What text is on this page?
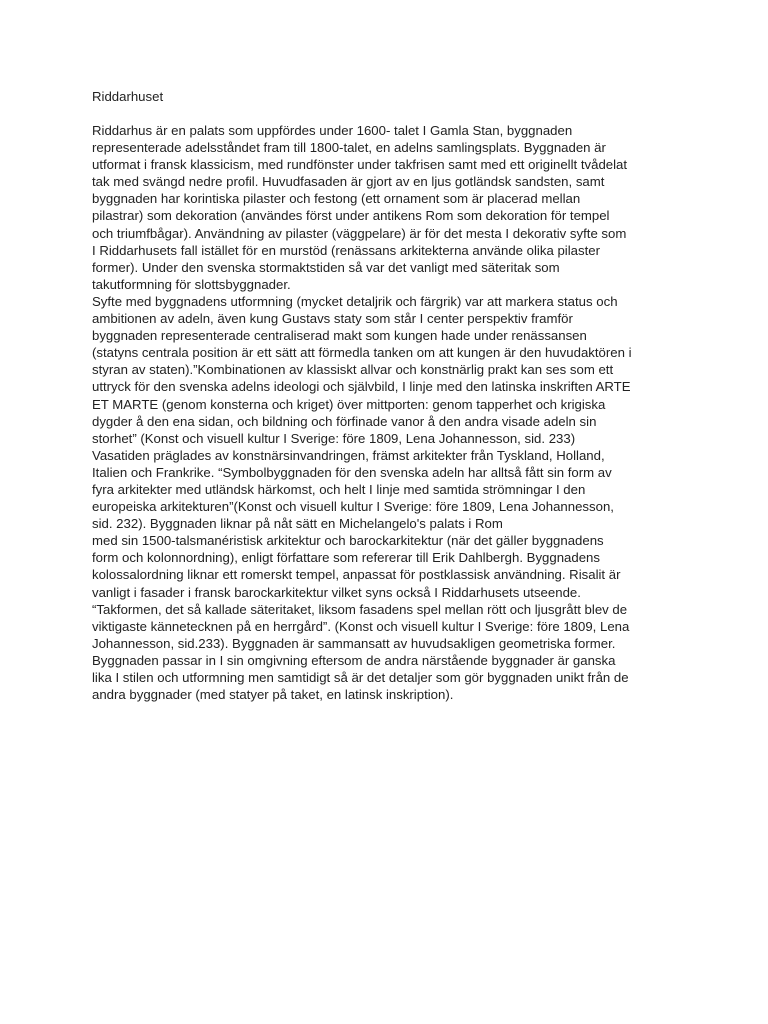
Riddarhuset
Riddarhus är en palats som uppfördes under 1600- talet I Gamla Stan, byggnaden
representerade adelsståndet fram till 1800-talet, en adelns samlingsplats. Byggnaden är
utformat i fransk klassicism, med rundfönster under takfrisen samt med ett originellt tvådelat
tak med svängd nedre profil. Huvudfasaden är gjort av en ljus gotländsk sandsten, samt
byggnaden har korintiska pilaster och festong (ett ornament som är placerad mellan
pilastrar) som dekoration (användes först under antikens Rom som dekoration för tempel
och triumfbågar). Användning av pilaster (väggpelare) är för det mesta I dekorativ syfte som
I Riddarhusets fall istället för en murstöd (renässans arkitekterna använde olika pilaster
former). Under den svenska stormaktstiden så var det vanligt med säteritak som
takutformning för slottsbyggnader.
Syfte med byggnadens utformning (mycket detaljrik och färgrik) var att markera status och
ambitionen av adeln, även kung Gustavs staty som står I center perspektiv framför
byggnaden representerade centraliserad makt som kungen hade under renässansen
(statyns centrala position är ett sätt att förmedla tanken om att kungen är den huvudaktören i
styran av staten).”Kombinationen av klassiskt allvar och konstnärlig prakt kan ses som ett
uttryck för den svenska adelns ideologi och självbild, I linje med den latinska inskriften ARTE
ET MARTE (genom konsterna och kriget) över mittporten: genom tapperhet och krigiska
dygder å den ena sidan, och bildning och förfinade vanor å den andra visade adeln sin
storhet” (Konst och visuell kultur I Sverige: före 1809, Lena Johannesson, sid. 233)
Vasatiden präglades av konstnärsinvandringen, främst arkitekter från Tyskland, Holland,
Italien och Frankrike. “Symbolbyggnaden för den svenska adeln har alltså fått sin form av
fyra arkitekter med utländsk härkomst, och helt I linje med samtida strömningar I den
europeiska arkitekturen”(Konst och visuell kultur I Sverige: före 1809, Lena Johannesson,
sid. 232). Byggnaden liknar på nåt sätt en Michelangelo's palats i Rom
med sin 1500-talsmanéristisk arkitektur och barockarkitektur (när det gäller byggnadens
form och kolonnordning), enligt författare som refererar till Erik Dahlbergh. Byggnadens
kolossalordning liknar ett romerskt tempel, anpassat för postklassisk användning. Risalit är
vanligt i fasader i fransk barockarkitektur vilket syns också I Riddarhusets utseende.
“Takformen, det så kallade säteritaket, liksom fasadens spel mellan rött och ljusgrått blev de
viktigaste kännetecknen på en herrgård”. (Konst och visuell kultur I Sverige: före 1809, Lena
Johannesson, sid.233). Byggnaden är sammansatt av huvudsakligen geometriska former.
Byggnaden passar in I sin omgivning eftersom de andra närstående byggnader är ganska
lika I stilen och utformning men samtidigt så är det detaljer som gör byggnaden unikt från de
andra byggnader (med statyer på taket, en latinsk inskription).
